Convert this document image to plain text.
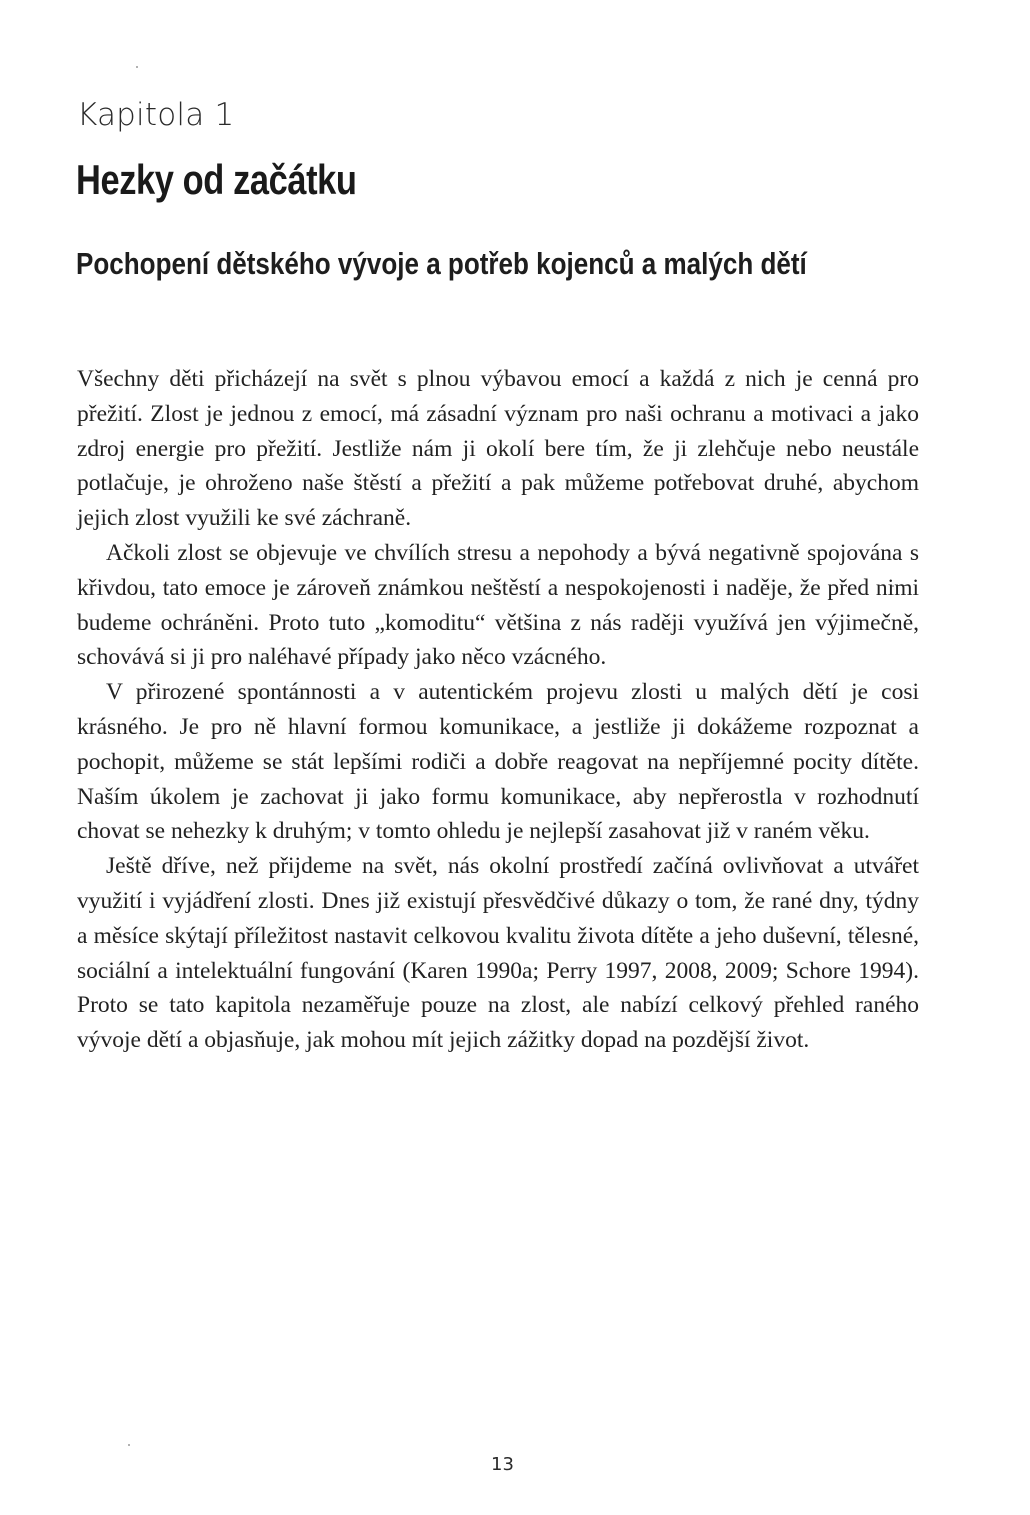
Kapitola 1
Hezky od začátku
Pochopení dětského vývoje a potřeb kojenců a malých dětí

Všechny děti přicházejí na svět s plnou výbavou emocí a každá z nich je cenná pro přežití. Zlost je jednou z emocí, má zásadní význam pro naši ochranu a motivaci a jako zdroj energie pro přežití. Jestliže nám ji okolí bere tím, že ji zlehčuje nebo neustále potlačuje, je ohroženo naše štěstí a přežití a pak můžeme potřebovat druhé, abychom jejich zlost využili ke své záchraně.

Ačkoli zlost se objevuje ve chvílích stresu a nepohody a bývá negativně spojována s křivdou, tato emoce je zároveň známkou neštěstí a nespokojenosti i naděje, že před nimi budeme ochráněni. Proto tuto „komoditu“ většina z nás raději využívá jen výjimečně, schovává si ji pro naléhavé případy jako něco vzácného.

V přirozené spontánnosti a v autentickém projevu zlosti u malých dětí je cosi krásného. Je pro ně hlavní formou komunikace, a jestliže ji dokážeme rozpoznat a pochopit, můžeme se stát lepšími rodiči a dobře reagovat na nepříjemné pocity dítěte. Naším úkolem je zachovat ji jako formu komunikace, aby nepřerostla v rozhodnutí chovat se nehezky k druhým; v tomto ohledu je nejlepší zasahovat již v raném věku.

Ještě dříve, než přijdeme na svět, nás okolní prostředí začíná ovlivňovat a utvářet využití i vyjádření zlosti. Dnes již existují přesvědčivé důkazy o tom, že rané dny, týdny a měsíce skýtají příležitost nastavit celkovou kvalitu života dítěte a jeho duševní, tělesné, sociální a intelektuální fungování (Karen 1990a; Perry 1997, 2008, 2009; Schore 1994). Proto se tato kapitola nezaměřuje pouze na zlost, ale nabízí celkový přehled raného vývoje dětí a objasňuje, jak mohou mít jejich zážitky dopad na pozdější život.

13
